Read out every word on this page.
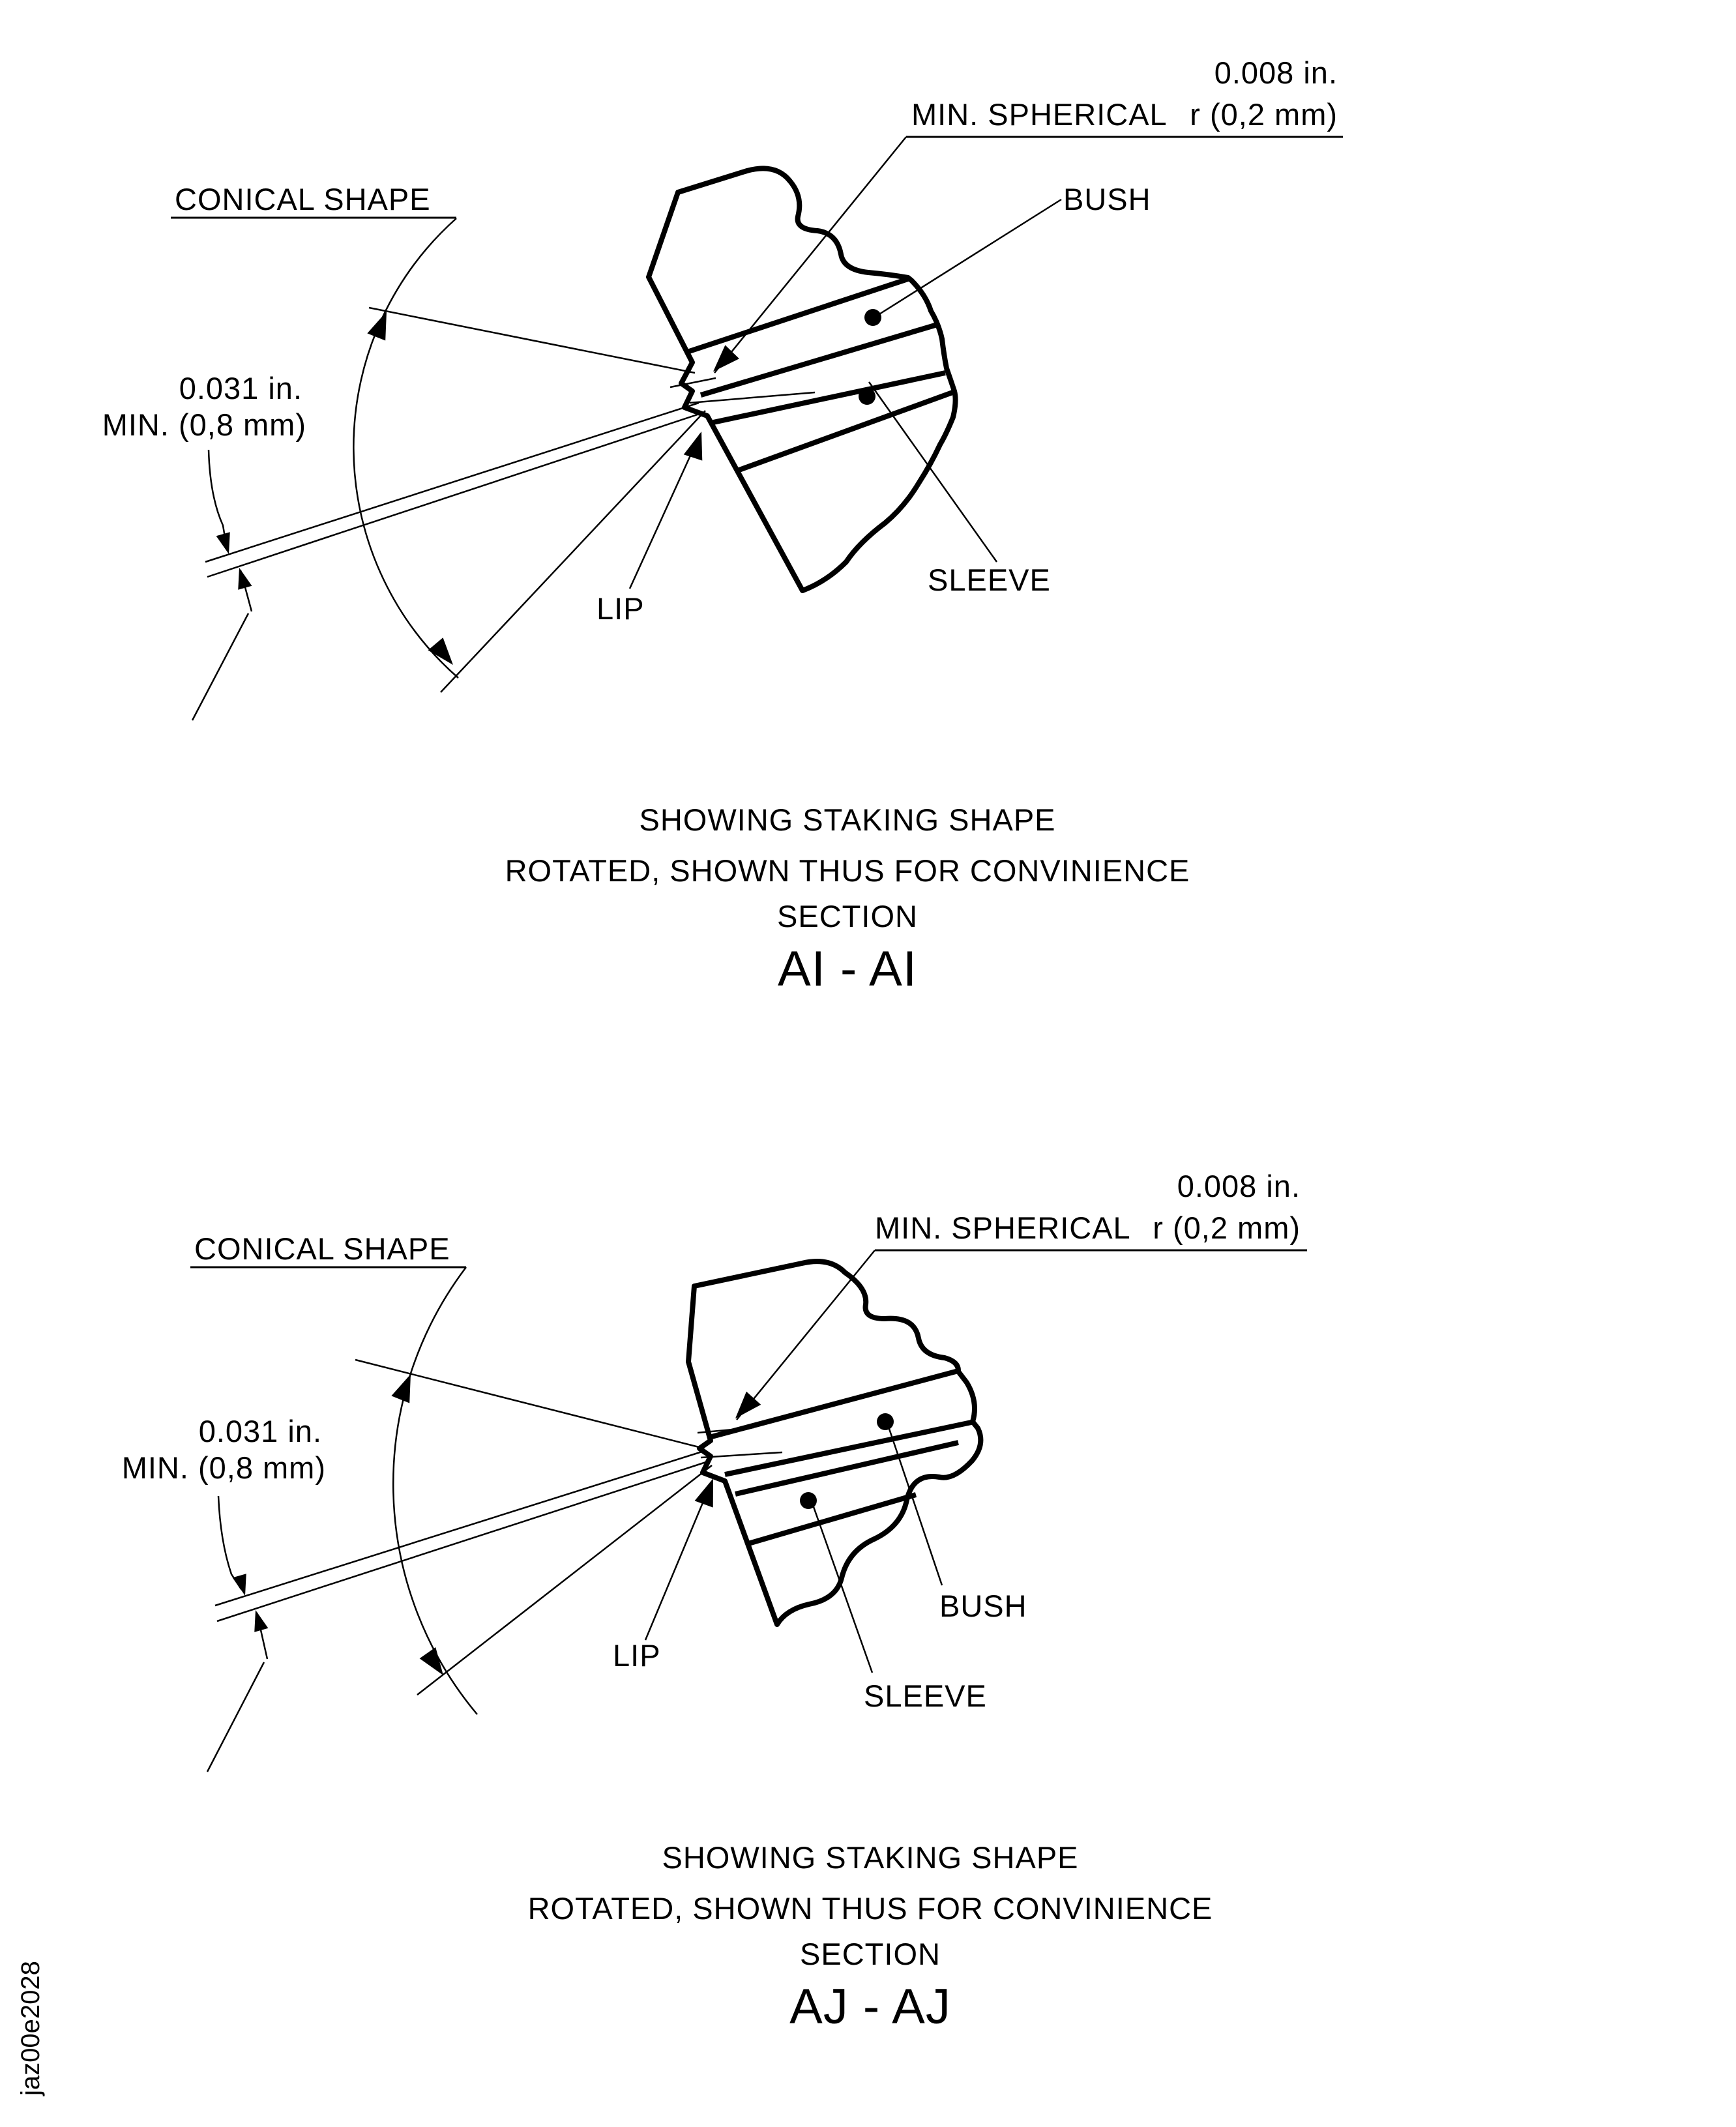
0.008 in.
MIN. SPHERICAL r (0,2 mm)
CONICAL SHAPE
0.031 in.
MIN. (0,8 mm)
BUSH
SLEEVE
LIP
SHOWING STAKING SHAPE
ROTATED, SHOWN THUS FOR CONVINIENCE
SECTION
AI - AI
0.008 in.
MIN. SPHERICAL r (0,2 mm)
CONICAL SHAPE
0.031 in.
MIN. (0,8 mm)
BUSH
SLEEVE
LIP
SHOWING STAKING SHAPE
ROTATED, SHOWN THUS FOR CONVINIENCE
SECTION
AJ - AJ
jaz00e2028
